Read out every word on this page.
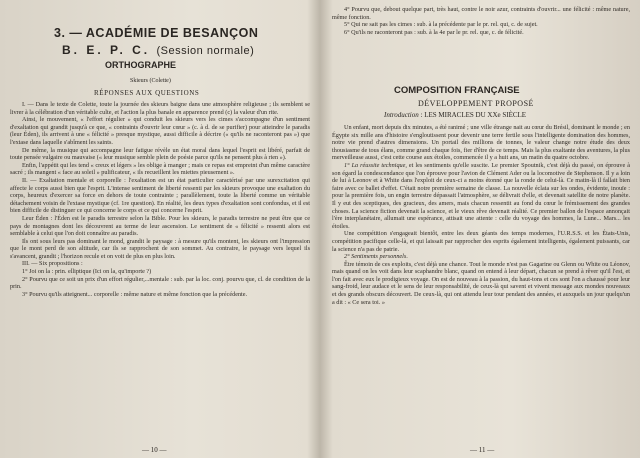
3. — ACADÉMIE DE BESANÇON

B. E. P. C. (Session normale)

ORTHOGRAPHE

Skieurs (Colette)

RÉPONSES AUX QUESTIONS

I. — Dans le texte de Colette, toute la journée des skieurs baigne dans une atmosphère religieuse ; ils semblent se livrer à la célébration d'un véritable culte, et l'action la plus banale en apparence prend (c) la valeur d'un rite.

Ainsi, le mouvement, « l'effort régulier » qui conduit les skieurs vers les cimes s'accompagne d'un sentiment d'exaltation qui grandit jusqu'à ce que, « contraints d'ouvrir leur cœur » (c. à d. de se purifier) pour atteindre le paradis (leur Éden), ils arrivent à une « félicité » presque mystique, aussi difficile à décrire (« qu'ils ne raconteront pas ») que l'extase dans laquelle s'abîment les saints.

De même, la musique qui accompagne leur fatigue révèle un état moral dans lequel l'esprit est libéré, parfait de toute pensée vulgaire ou mauvaise (« leur musique semble plein de poésie parce qu'ils ne pensent plus à rien »).

Enfin, l'appétit qui les tend « creux et légers » les oblige à manger ; mais ce repas est empreint d'un même caractère sacré ; ils mangent « face au soleil » pulificateur, « ils recueillent les miettes pieusement ».

II. — Exaltation mentale et corporelle : l'exaltation est un état particulier caractérisé par une surexcitation qui affecte le corps aussi bien que l'esprit. L'intense sentiment de liberté ressenti par les skieurs provoque une exaltation du corps, heureux d'exercer sa force en dehors de toute contrainte ; parallèlement, toute la liberté comme un véritable détachement voisin de l'extase mystique (cf. 1re question). En réalité, les deux types d'exaltation sont confondus, et il est bien difficile de distinguer ce qui concerne le corps et ce qui concerne l'esprit.

Leur Éden : l'Éden est le paradis terrestre selon la Bible. Pour les skieurs, le paradis terrestre ne peut être que ce pays de montagnes dont les découvrent au terme de leur ascension. Le sentiment de « félicité » ressenti alors est semblable à celui que l'on doit connaître au paradis.

Ils ont sous leurs pas dominant le mond, grandit le paysage : à mesure qu'ils montent, les skieurs ont l'impression que le mont perd de son altitude, car ils se rapprochent de son sommet. Au contraire, le paysage vers lequel ils s'avancent, grandit ; l'horizon recule et on voit de plus en plus loin.

III. — Six propositions :

1° Joi on la : prin. elliptique (Ici on la, qu'importe ?)

2° Pourvu que ce soit un prix d'un effort régulier,...mentale : sub. par la loc. conj. pourvu que, cl. de condition de la prin.

3° Pourvu qu'ils atteignent... corporelle : même nature et même fonction que la précédente.

— 10 —

4° Pourvu que, debout quelque part, très haut, contre le noir azur, contraints d'ouvrir... une félicité : même nature, même fonction.

5° Qui ne sait pas les cimes : sub. à la précédente par le pr. rel. qui, c. de sujet.

6° Qu'ils ne raconteront pas : sub. à la 4e par le pr. rel. que, c. de félicité.

COMPOSITION FRANÇAISE

DÉVELOPPEMENT PROPOSÉ

Introduction : LES MIRACLES DU XXe SIÈCLE

Un enfant, mort depuis dix minutes, a été ranimé ; une ville étrange nait au cœur du Brésil, dominant le monde ; en Égypte six mille ans d'histoire s'engloutissent pour devenir une terre fertile sous l'intelligente domination des hommes, notre vie prend d'autres dimensions. Un portail des millions de tonnes, le valeur change notre étude des deux thousiasme de tous élans, comme grand chaque fois, fier d'être de ce temps. Mais la plus exaltante des aventures, la plus merveilleuse aussi, c'est cette course aux étoiles, commencée il y a huit ans, un matin du quatre octobre.

1° La réussite technique, et les sentiments qu'elle suscite. Le premier Spoutnik, c'est déjà du passé, on éprouve à son égard la condescendance que l'on éprouve pour l'avion de Clément Ader ou la locomotive de Stephenson. Il y a loin de lui à Leonov et à White dans l'exploit de ceux-ci a moins étonné que la ronde de celui-là. Ce matin-là il fallait bien faire avec ce ballet d'effet. C'était notre première semaine de classe. La nouvelle éclata sur les ondes, évidente, inouïe : pour la première fois, un engin terrestre dépassait l'atmosphère, se délivrait d'elle, et devenait satellite de notre planète. Il y eut des sceptiques, des gracieux, des amers, mais chacun ressentit au fond du cœur le frémissement des grandes choses. La science fiction devenait la science, et le vieux rêve devenait réalité. Ce premier ballon de l'espace annonçait l'ère interplanétaire, allumait une espérance, attisait une attente : celle du voyage des hommes, la Lune... Mars... les étoiles.

Une compétition s'engageait bientôt, entre les deux géants des temps modernes, l'U.R.S.S. et les États-Unis, compétition pacifique celle-là, et qui laissait par rapprocher des esprits également intelligents, également puissants, car la science n'a pas de patrie.

2° Sentiments personnels.

Être témoin de ces exploits, c'est déjà une chance. Tout le monde n'est pas Gagarine ou Glenn ou White ou Léonov, mais quand on les voit dans leur scaphandre blanc, quand on entend à leur départ, chacun se prend à rêver qu'il l'est, et l'on fait avec eux le prodigieux voyage. On est de nouveau à la passion, du haut-tons et ces sont l'on a chaussé pour leur sang-froid, leur audace et le sens de leur responsabilité, de ceux-là qui savent et vivent message aux mondes nouveaux et des grands obscurs découvert. De ceux-là, qui ont attendu leur tour pendant des années, et auxquels un jour quelqu'un a dit : « Ce sera toi. »

— 11 —
